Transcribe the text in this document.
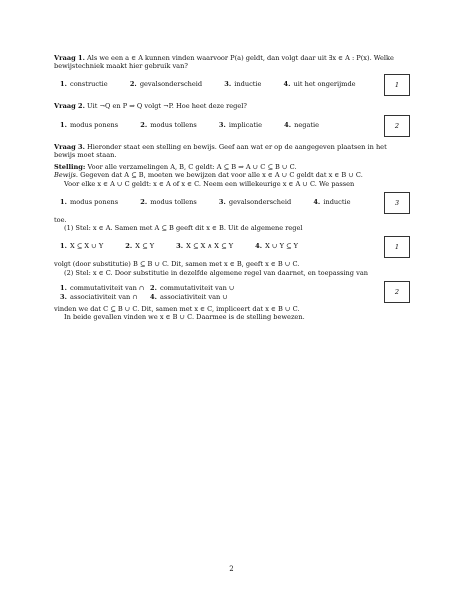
Vraag 1. Als we een a ∈ A kunnen vinden waarvoor P(a) geldt, dan volgt daar uit ∃x ∈ A : P(x). Welke bewijstechniek maakt hier gebruik van?
1. constructie	2. gevalsonderscheid	3. inductie	4. uit het ongerijmde	1
Vraag 2. Uit ¬Q en P ⇒ Q volgt ¬P. Hoe heet deze regel?
1. modus ponens	2. modus tollens	3. implicatie	4. negatie	2
Vraag 3. Hieronder staat een stelling en bewijs. Geef aan wat er op de aangegeven plaatsen in het bewijs moet staan.
Stelling: Voor alle verzamelingen A, B, C geldt: A ⊆ B ⇒ A ∪ C ⊆ B ∪ C.
Bewijs. Gegeven dat A ⊆ B, moeten we bewijzen dat voor alle x ∈ A ∪ C geldt dat x ∈ B ∪ C.
Voor elke x ∈ A ∪ C geldt: x ∈ A of x ∈ C. Neem een willekeurige x ∈ A ∪ C. We passen
1. modus ponens	2. modus tollens	3. gevalsonderscheid	4. inductie	3
toe.
(1) Stel: x ∈ A. Samen met A ⊆ B geeft dit x ∈ B. Uit de algemene regel
1. X ⊆ X ∪ Y	2. X ⊆ Y	3. X ⊆ X ∧ X ⊆ Y	4. X ∪ Y ⊆ Y	1
volgt (door substitutie) B ⊆ B ∪ C. Dit, samen met x ∈ B, geeft x ∈ B ∪ C.
(2) Stel: x ∈ C. Door substitutie in dezelfde algemene regel van daarnet, en toepassing van
1. commutativiteit van ∩ 2. commutativiteit van ∪
3. associativiteit van ∩	4. associativiteit van ∪
2
vinden we dat C ⊆ B ∪ C. Dit, samen met x ∈ C, impliceert dat x ∈ B ∪ C.
In beide gevallen vinden we x ∈ B ∪ C. Daarmee is de stelling bewezen.
2
